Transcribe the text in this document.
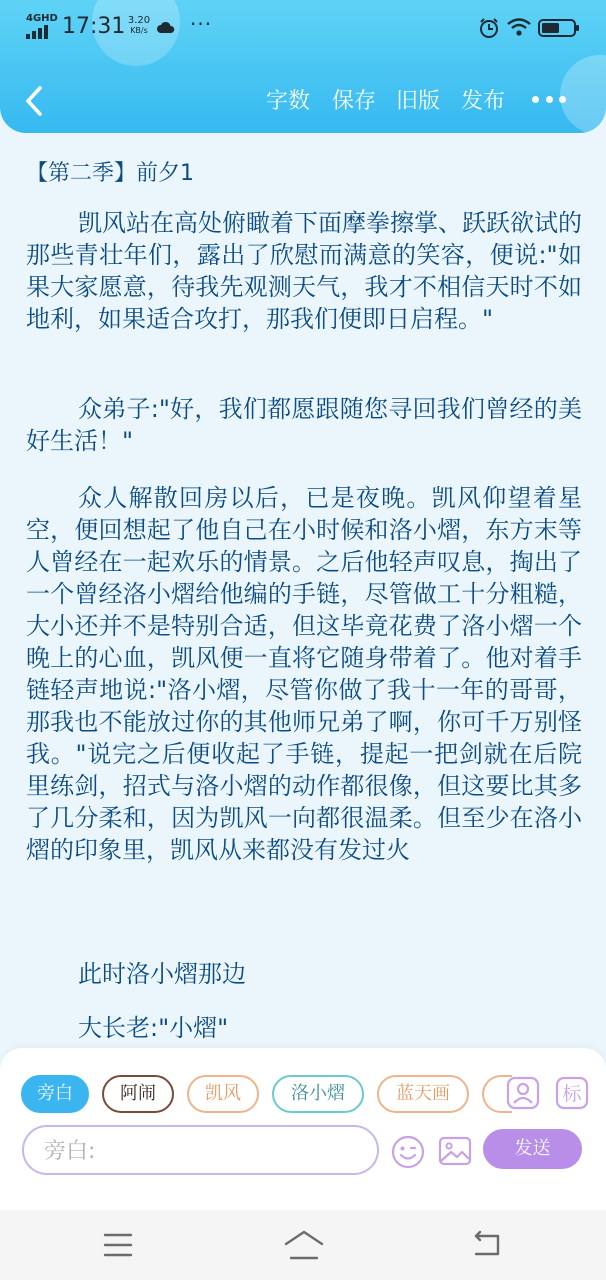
4GHD 17:31 3.20
KB/s	···
字数 保存 旧版 发布
【第二季】前夕1

凯风站在高处俯瞰着下面摩拳擦掌、跃跃欲试的那些青壮年们，露出了欣慰而满意的笑容，便说:"如果大家愿意，待我先观测天气，我才不相信天时不如地利，如果适合攻打，那我们便即日启程。"

众弟子:"好，我们都愿跟随您寻回我们曾经的美好生活！"

众人解散回房以后，已是夜晚。凯风仰望着星空，便回想起了他自己在小时候和洛小熠，东方末等人曾经在一起欢乐的情景。之后他轻声叹息，掏出了一个曾经洛小熠给他编的手链，尽管做工十分粗糙，大小还并不是特别合适，但这毕竟花费了洛小熠一个晚上的心血，凯风便一直将它随身带着了。他对着手链轻声地说:"洛小熠，尽管你做了我十一年的哥哥，那我也不能放过你的其他师兄弟了啊，你可千万别怪我。"说完之后便收起了手链，提起一把剑就在后院里练剑，招式与洛小熠的动作都很像，但这要比其多了几分柔和，因为凯风一向都很温柔。但至少在洛小熠的印象里，凯风从来都没有发过火

此时洛小熠那边

大长老:"小熠"

旁白	阿闹	凯风	洛小熠	蓝天画	标
旁白:
发送
